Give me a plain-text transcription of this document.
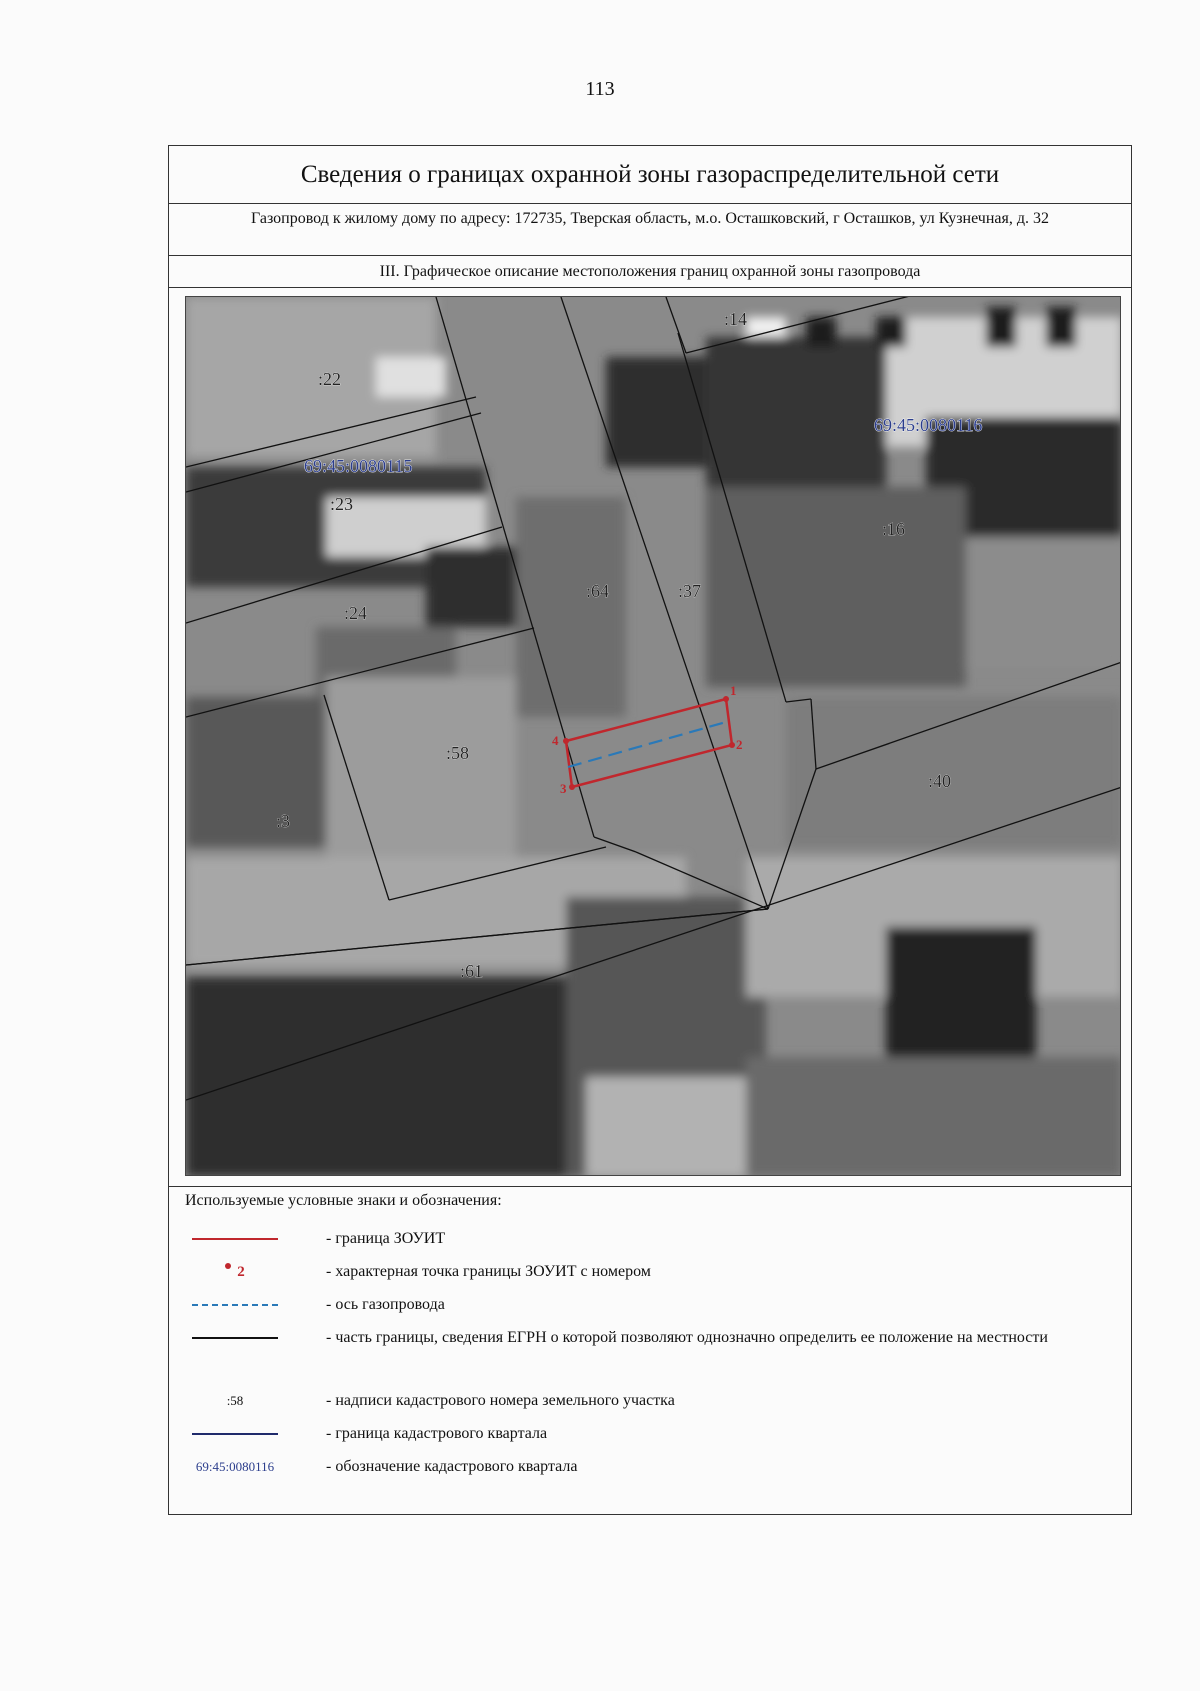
113
Сведения о границах охранной зоны газораспределительной сети
Газопровод к жилому дому по адресу: 172735, Тверская область, м.о. Осташковский, г Осташков, ул Кузнечная, д. 32
III. Графическое описание местоположения границ охранной зоны газопровода
1
2
3
4
:22
:14
:23
:16
:24
:64	:37
:58
:40
:3
:61
69:45:0080115
69:45:0080116
Используемые условные знаки и обозначения:
- граница ЗОУИТ
2	- характерная точка границы ЗОУИТ с номером
- ось газопровода
- часть границы, сведения ЕГРН о которой позволяют однозначно определить ее положение на местности
:58	- надписи кадастрового номера земельного участка
- граница кадастрового квартала
69:45:0080116	- обозначение кадастрового квартала
